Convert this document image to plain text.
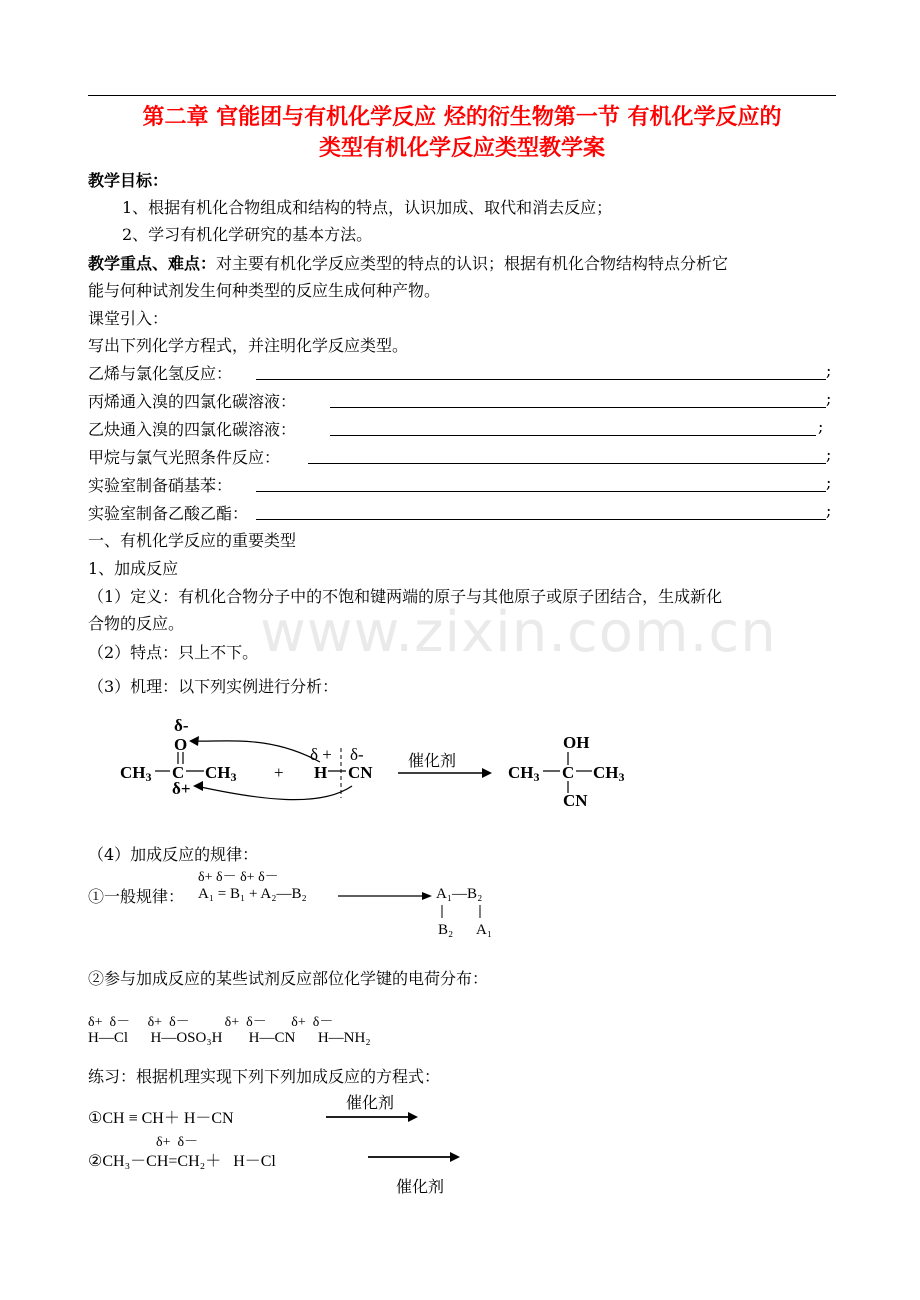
第二章 官能团与有机化学反应 烃的衍生物第一节 有机化学反应的
类型有机化学反应类型教学案
教学目标：
1、根据有机化合物组成和结构的特点，认识加成、取代和消去反应；
2、学习有机化学研究的基本方法。
教学重点、难点：对主要有机化学反应类型的特点的认识；根据有机化合物结构特点分析它
能与何种试剂发生何种类型的反应生成何种产物。
课堂引入：
写出下列化学方程式，并注明化学反应类型。
乙烯与氯化氢反应：	;
丙烯通入溴的四氯化碳溶液：	;
乙炔通入溴的四氯化碳溶液：	;
甲烷与氯气光照条件反应：	;
实验室制备硝基苯：	;
实验室制备乙酸乙酯：	;
一、有机化学反应的重要类型
1、加成反应
（1）定义：有机化合物分子中的不饱和键两端的原子与其他原子或原子团结合，生成新化
合物的反应。
（2）特点：只上不下。
（3）机理：以下列实例进行分析：
www.zixin.com.cn
δ-
O
CH3 C CH3
δ+
+
δ + δ-
H CN
催化剂
OH
CH3 C CH3
CN
（4）加成反应的规律：
δ+ δ－ δ+ δ－
①一般规律： A₁ = B₁ + A₂—B₂	A₁—B₂
B₂ A₁
②参与加成反应的某些试剂反应部位化学键的电荷分布：
δ+  δ－     δ+  δ－          δ+  δ－       δ+  δ－
H—Cl      H—OSO₃H       H—CN      H—NH₂
练习：根据机理实现下列下列加成反应的方程式：
催化剂
①CH ≡ CH＋ H－CN
δ+  δ－
②CH₃－CH=CH₂＋   H－Cl
催化剂
